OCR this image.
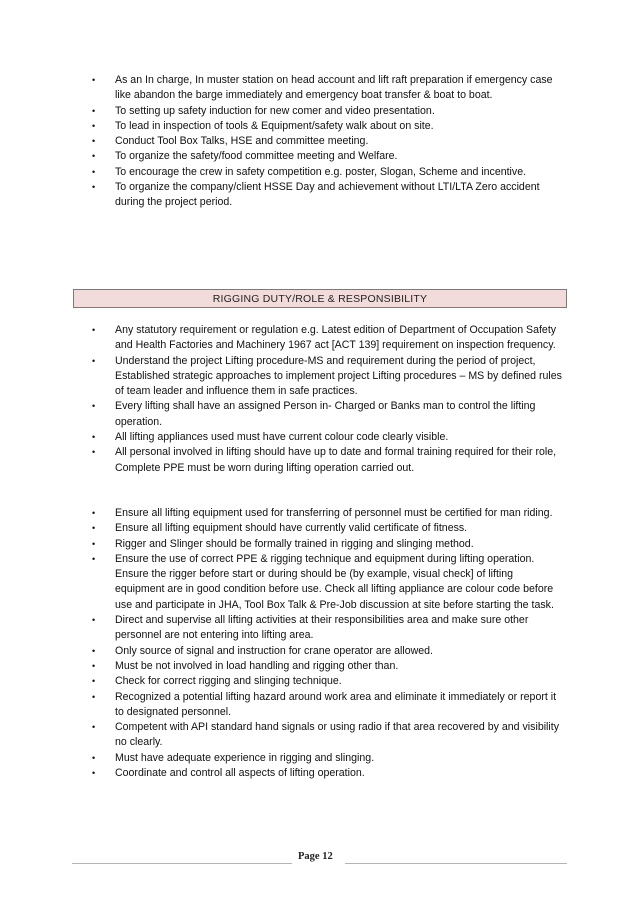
•	As an In charge, In muster station on head account and lift raft preparation if emergency case like abandon the barge immediately and emergency boat transfer & boat to boat.
•	To setting up safety induction for new comer and video presentation.
•	To lead in inspection of tools & Equipment/safety walk about on site.
•	Conduct Tool Box Talks, HSE and committee meeting.
•	To organize the safety/food committee meeting and Welfare.
•	To encourage the crew in safety competition e.g. poster, Slogan, Scheme and incentive.
•	To organize the company/client HSSE Day and achievement without LTI/LTA Zero accident during the project period.
RIGGING DUTY/ROLE & RESPONSIBILITY
•	Any statutory requirement or regulation e.g. Latest edition of Department of Occupation Safety and Health Factories and Machinery 1967 act [ACT 139] requirement on inspection frequency.
•	Understand the project Lifting procedure-MS and requirement during the period of project, Established strategic approaches to implement project Lifting procedures – MS by defined rules of team leader and influence them in safe practices.
•	Every lifting shall have an assigned Person in- Charged or Banks man to control the lifting operation.
•	All lifting appliances used must have current colour code clearly visible.
•	All personal involved in lifting should have up to date and formal training required for their role, Complete PPE must be worn during lifting operation carried out.
•	Ensure all lifting equipment used for transferring of personnel must be certified for man riding.
•	Ensure all lifting equipment should have currently valid certificate of fitness.
•	Rigger and Slinger should be formally trained in rigging and slinging method.
•	Ensure the use of correct PPE & rigging technique and equipment during lifting operation. Ensure the rigger before start or during should be (by example, visual check] of lifting equipment are in good condition before use. Check all lifting appliance are colour code before use and participate in JHA, Tool Box Talk & Pre-Job discussion at site before starting the task.
•	Direct and supervise all lifting activities at their responsibilities area and make sure other personnel are not entering into lifting area.
•	Only source of signal and instruction for crane operator are allowed.
•	Must be not involved in load handling and rigging other than.
•	Check for correct rigging and slinging technique.
•	Recognized a potential lifting hazard around work area and eliminate it immediately or report it to designated personnel.
•	Competent with API standard hand signals or using radio if that area recovered by and visibility no clearly.
•	Must have adequate experience in rigging and slinging.
•	Coordinate and control all aspects of lifting operation.
Page 12
